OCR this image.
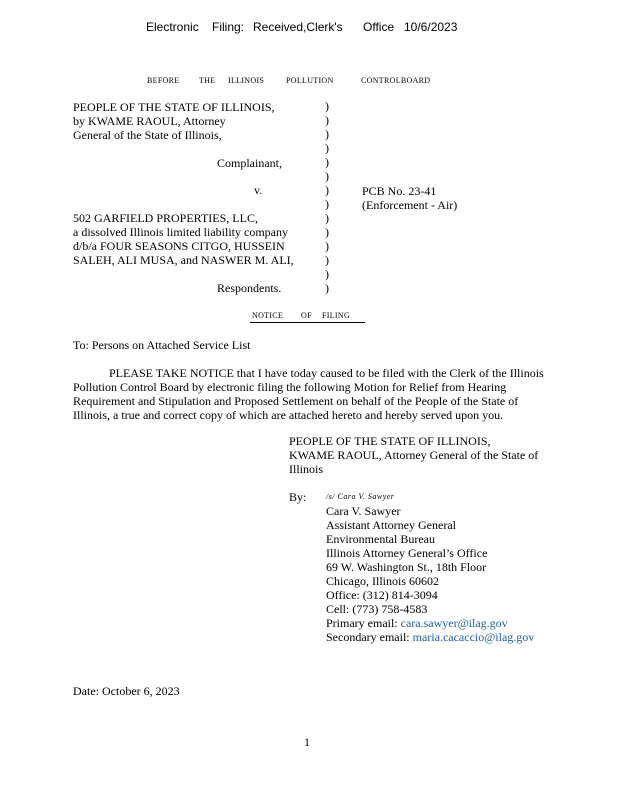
Electronic Filing: Received,Clerk's Office 10/6/2023
BEFORE THE ILLINOIS	POLLUTION	CONTROLBOARD
PEOPLE OF THE STATE OF ILLINOIS,
by KWAME RAOUL, Attorney
General of the State of Illinois,
Complainant,
v.
502 GARFIELD PROPERTIES, LLC,
a dissolved Illinois limited liability company
d/b/a FOUR SEASONS CITGO, HUSSEIN
SALEH, ALI MUSA, and NASWER M. ALI,
Respondents.
)
)
)
)
)
)
)
)
)
)
)
)
)
)
PCB No. 23-41
(Enforcement - Air)
NOTICE OF FILING
To: Persons on Attached Service List
PLEASE TAKE NOTICE that I have today caused to be filed with the Clerk of the Illinois
Pollution Control Board by electronic filing the following Motion for Relief from Hearing
Requirement and Stipulation and Proposed Settlement on behalf of the People of the State of
Illinois, a true and correct copy of which are attached hereto and hereby served upon you.
PEOPLE OF THE STATE OF ILLINOIS,
KWAME RAOUL, Attorney General of the State of
Illinois
By: /s/ Cara V. Sawyer
Cara V. Sawyer
Assistant Attorney General
Environmental Bureau
Illinois Attorney General’s Office
69 W. Washington St., 18th Floor
Chicago, Illinois 60602
Office: (312) 814-3094
Cell: (773) 758-4583
Primary email: cara.sawyer@ilag.gov
Secondary email: maria.cacaccio@ilag.gov
Date: October 6, 2023
1
